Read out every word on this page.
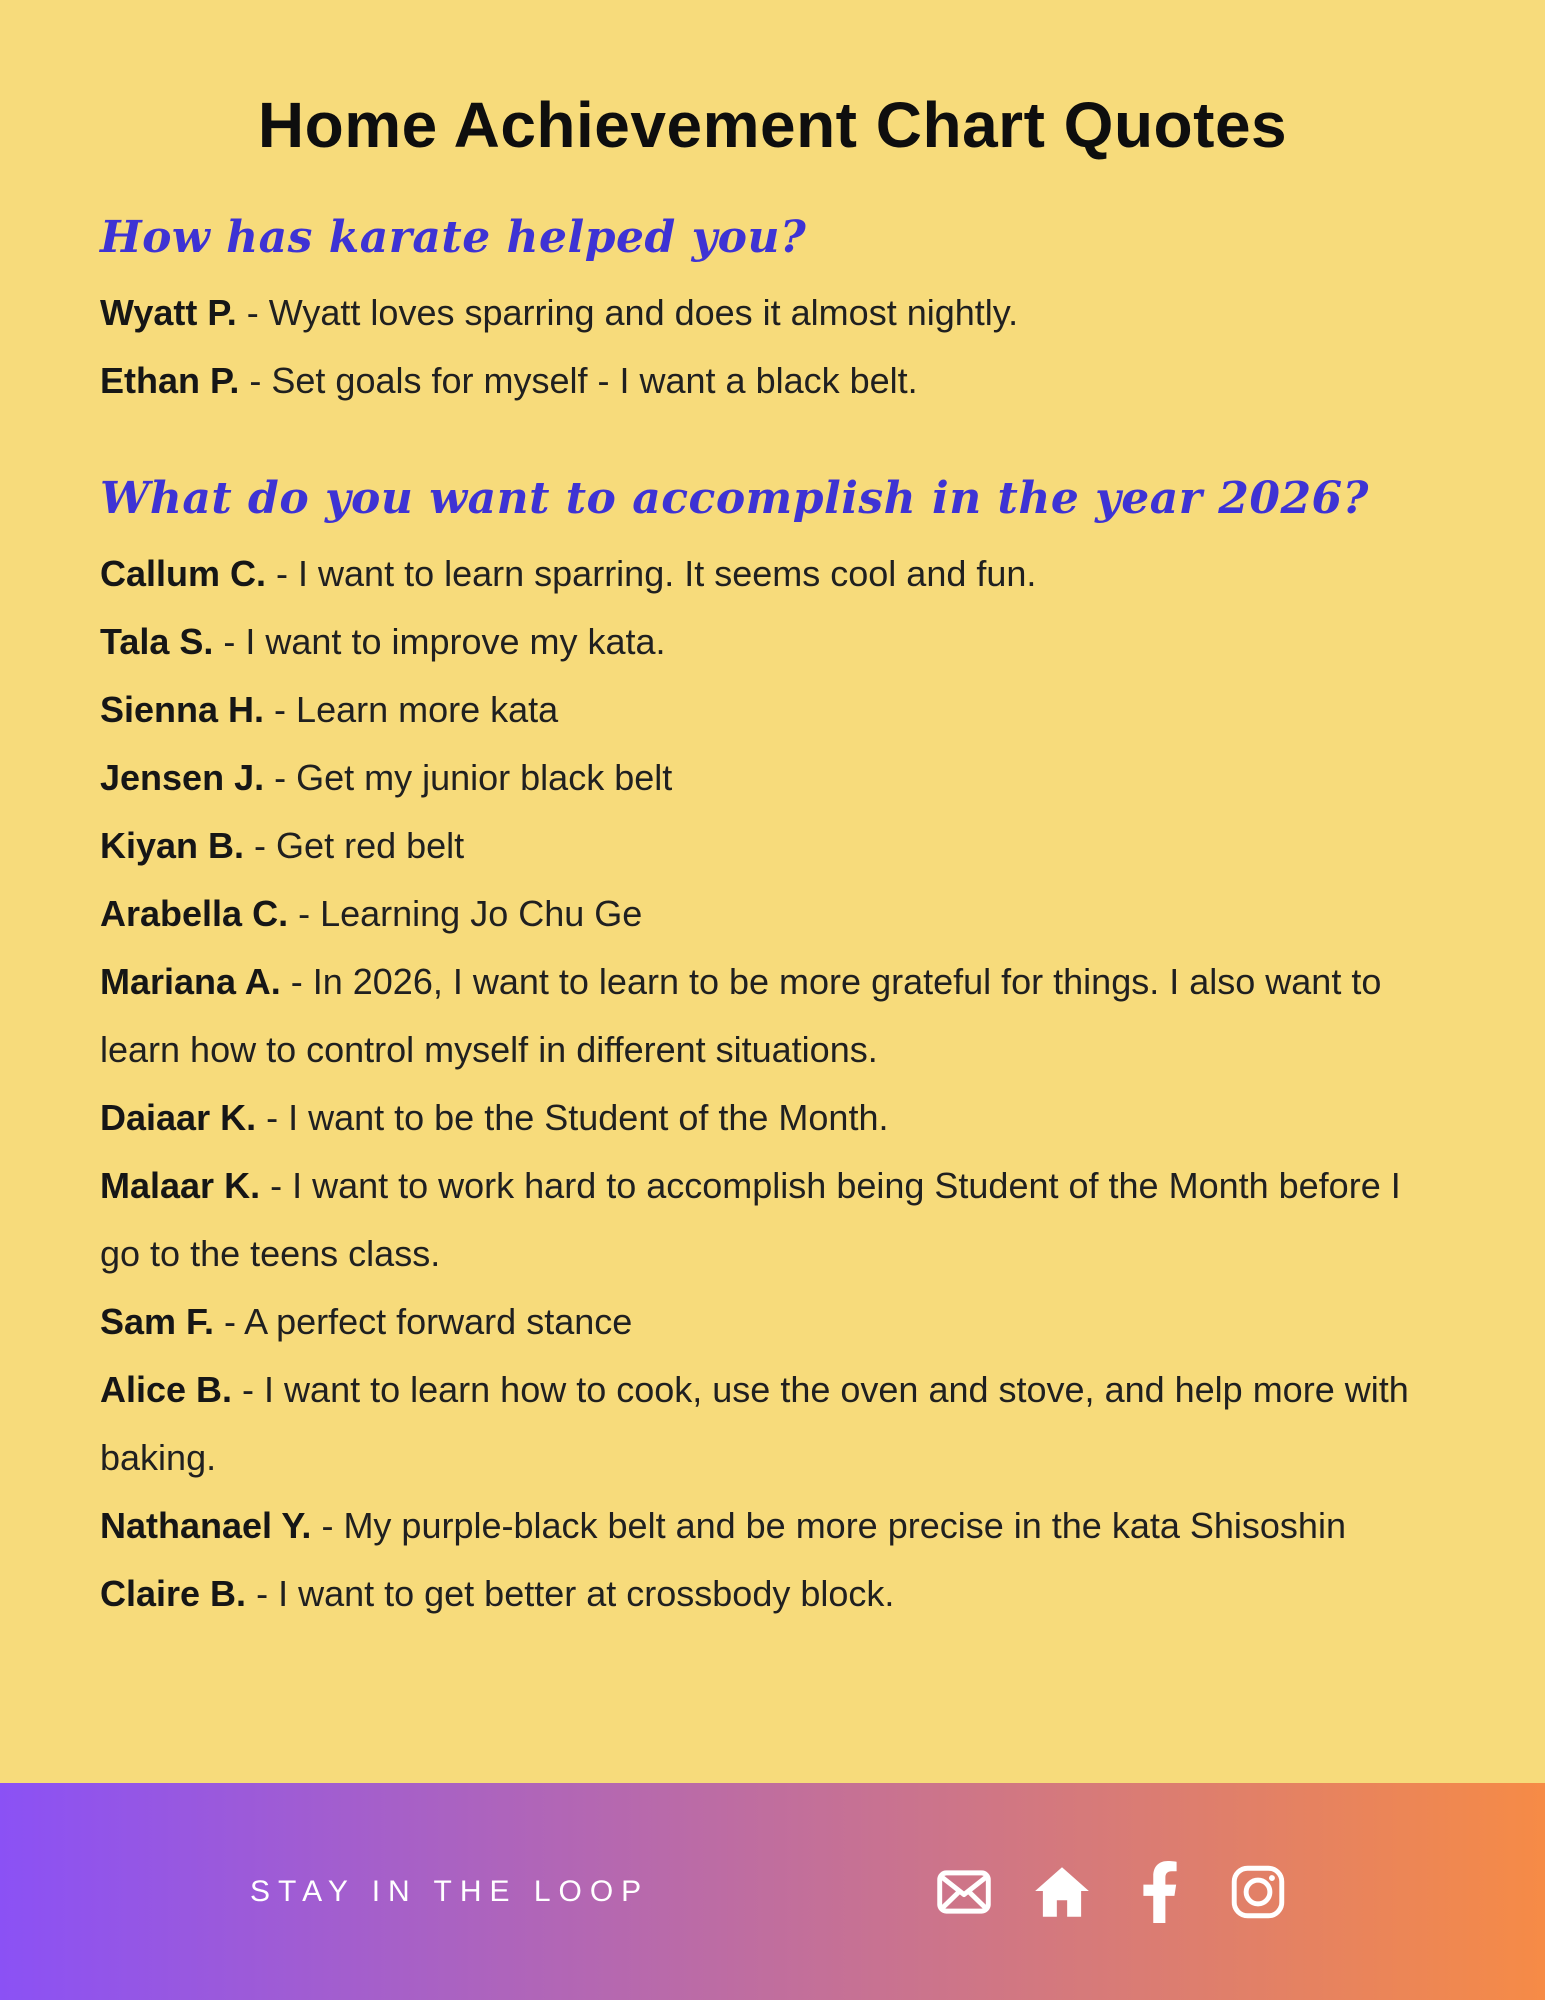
Home Achievement Chart Quotes
How has karate helped you?

Wyatt P. - Wyatt loves sparring and does it almost nightly.

Ethan P. - Set goals for myself - I want a black belt.

What do you want to accomplish in the year 2026?

Callum C. - I want to learn sparring. It seems cool and fun.

Tala S. - I want to improve my kata.

Sienna H. - Learn more kata

Jensen J. - Get my junior black belt

Kiyan B. - Get red belt

Arabella C. - Learning Jo Chu Ge

Mariana A. - In 2026, I want to learn to be more grateful for things. I also want to learn how to control myself in different situations.

Daiaar K. - I want to be the Student of the Month.

Malaar K. - I want to work hard to accomplish being Student of the Month before I go to the teens class.

Sam F. - A perfect forward stance

Alice B. - I want to learn how to cook, use the oven and stove, and help more with baking.

Nathanael Y. - My purple-black belt and be more precise in the kata Shisoshin

Claire B. - I want to get better at crossbody block.

STAY IN THE LOOP
